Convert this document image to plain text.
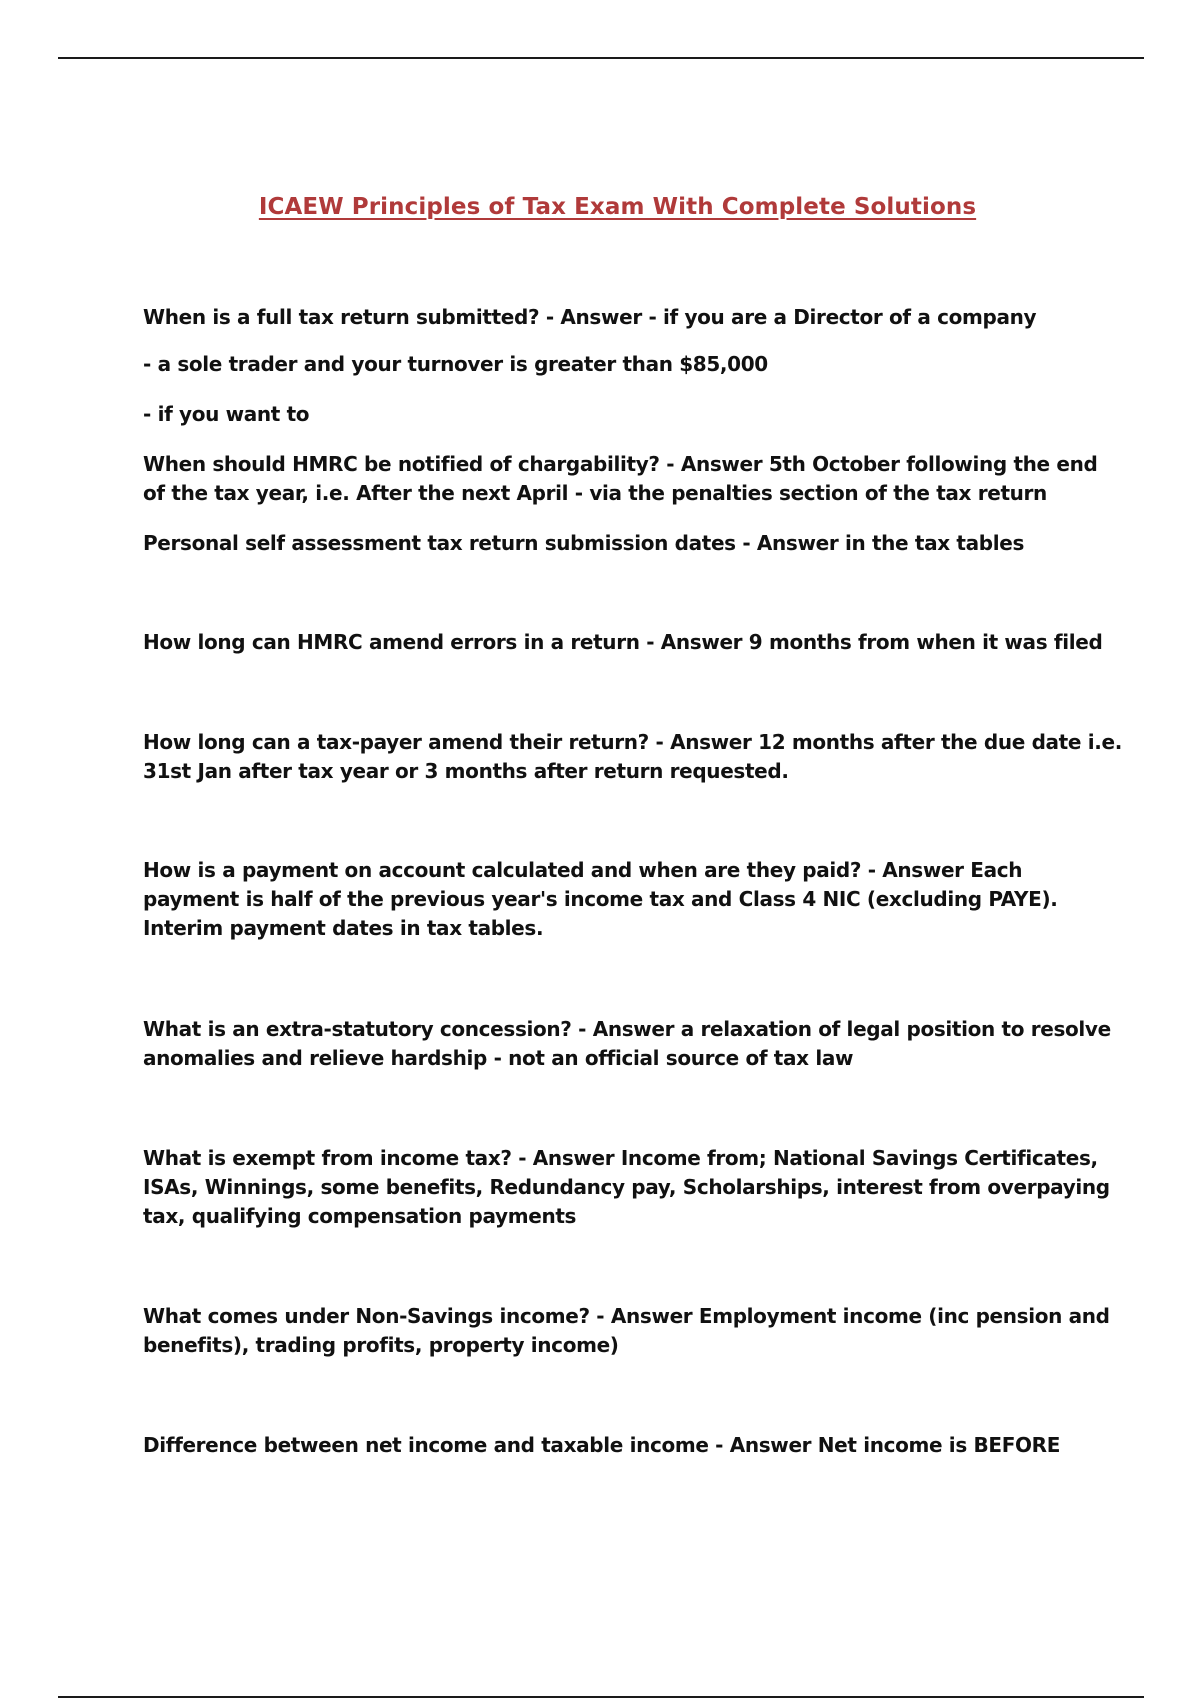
ICAEW Principles of Tax Exam With Complete Solutions

When is a full tax return submitted? - Answer - if you are a Director of a company

- a sole trader and your turnover is greater than $85,000

- if you want to

When should HMRC be notified of chargability? - Answer 5th October following the end
of the tax year, i.e. After the next April - via the penalties section of the tax return

Personal self assessment tax return submission dates - Answer in the tax tables

How long can HMRC amend errors in a return - Answer 9 months from when it was filed

How long can a tax-payer amend their return? - Answer 12 months after the due date i.e.
31st Jan after tax year or 3 months after return requested.

How is a payment on account calculated and when are they paid? - Answer Each
payment is half of the previous year's income tax and Class 4 NIC (excluding PAYE).
Interim payment dates in tax tables.

What is an extra-statutory concession? - Answer a relaxation of legal position to resolve
anomalies and relieve hardship - not an official source of tax law

What is exempt from income tax? - Answer Income from; National Savings Certificates,
ISAs, Winnings, some benefits, Redundancy pay, Scholarships, interest from overpaying
tax, qualifying compensation payments

What comes under Non-Savings income? - Answer Employment income (inc pension and
benefits), trading profits, property income)

Difference between net income and taxable income - Answer Net income is BEFORE
